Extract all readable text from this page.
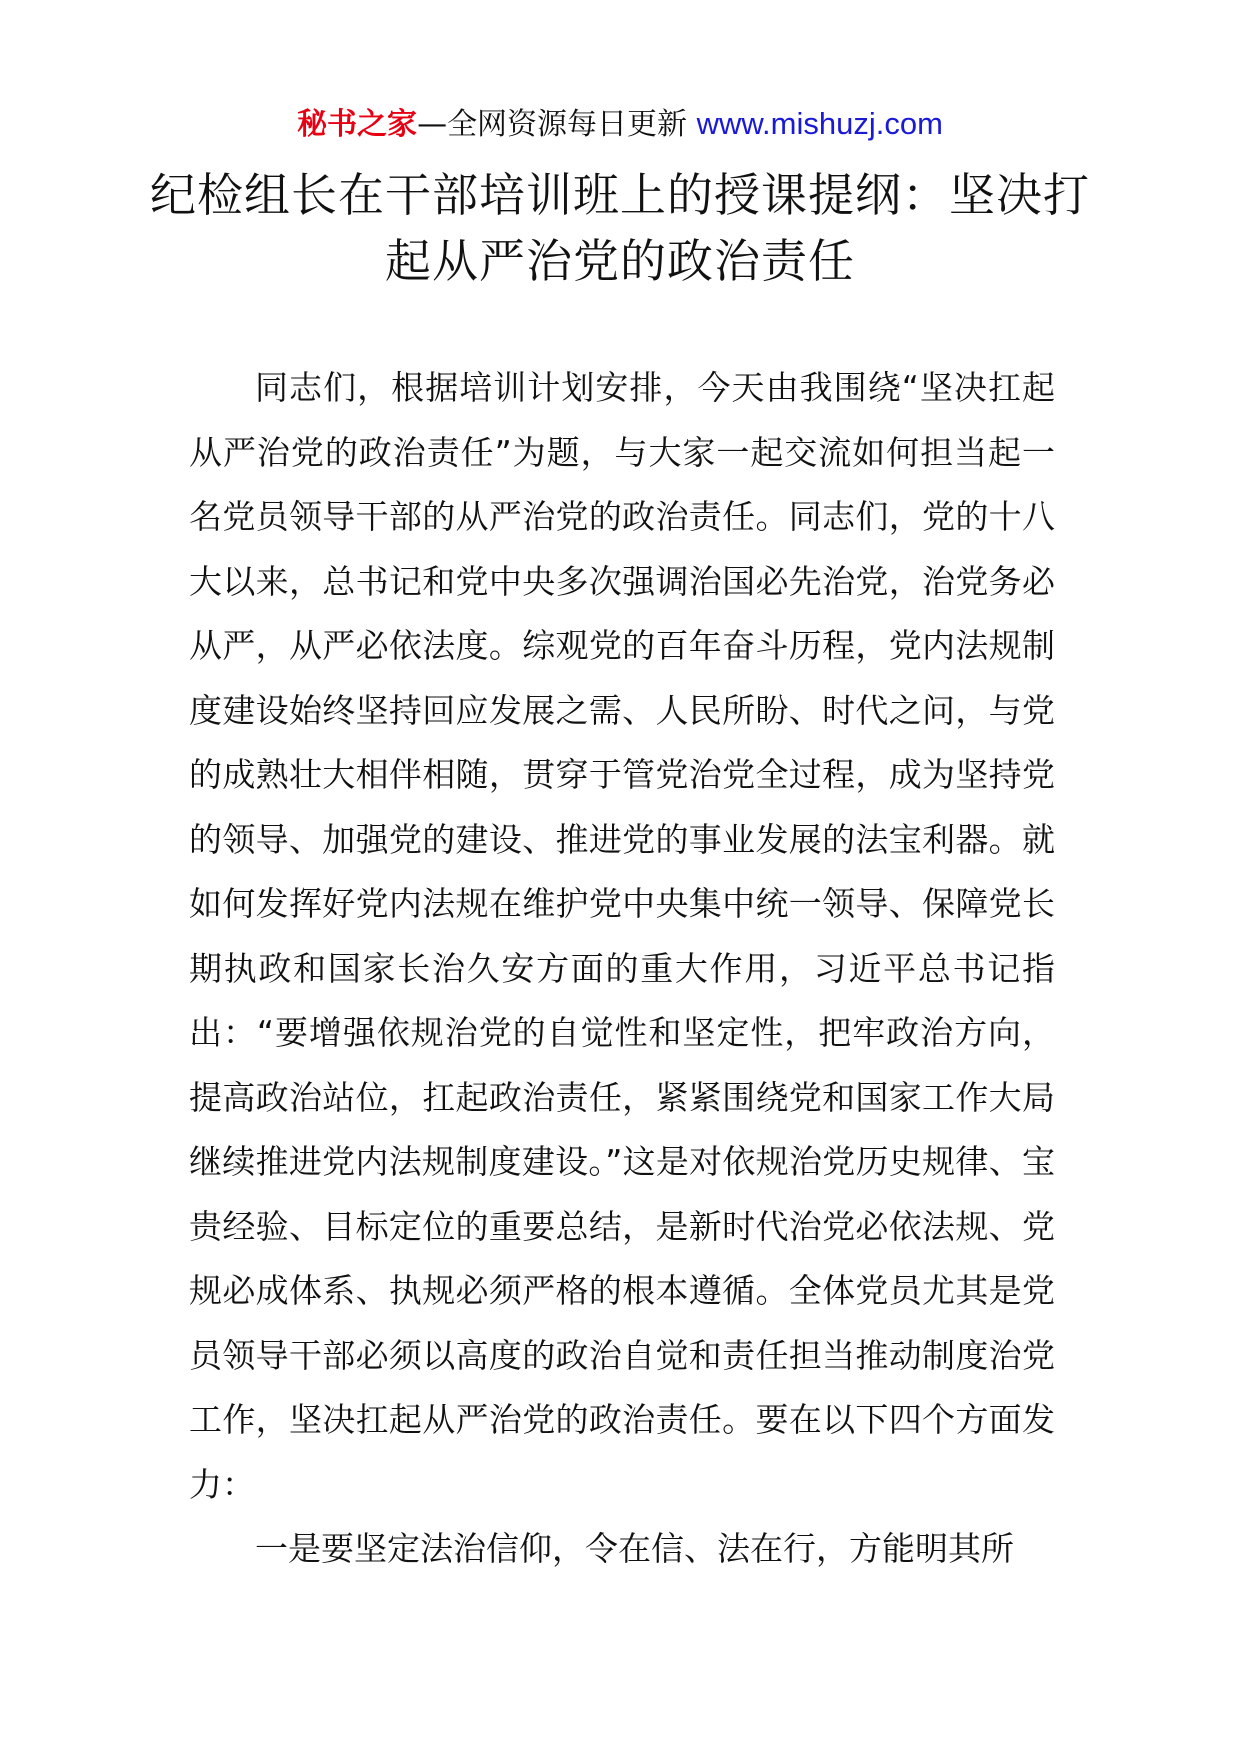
秘书之家—全网资源每日更新 www.mishuzj.com
纪检组长在干部培训班上的授课提纲：坚决打起从严治党的政治责任

同志们，根据培训计划安排，今天由我围绕“坚决扛起从严治党的政治责任”为题，与大家一起交流如何担当起一名党员领导干部的从严治党的政治责任。同志们，党的十八大以来，总书记和党中央多次强调治国必先治党，治党务必从严，从严必依法度。综观党的百年奋斗历程，党内法规制度建设始终坚持回应发展之需、人民所盼、时代之问，与党的成熟壮大相伴相随，贯穿于管党治党全过程，成为坚持党的领导、加强党的建设、推进党的事业发展的法宝利器。就如何发挥好党内法规在维护党中央集中统一领导、保障党长期执政和国家长治久安方面的重大作用，习近平总书记指出：“要增强依规治党的自觉性和坚定性，把牢政治方向，提高政治站位，扛起政治责任，紧紧围绕党和国家工作大局继续推进党内法规制度建设。”这是对依规治党历史规律、宝贵经验、目标定位的重要总结，是新时代治党必依法规、党规必成体系、执规必须严格的根本遵循。全体党员尤其是党员领导干部必须以高度的政治自觉和责任担当推动制度治党工作，坚决扛起从严治党的政治责任。要在以下四个方面发力：

一是要坚定法治信仰，令在信、法在行，方能明其所
